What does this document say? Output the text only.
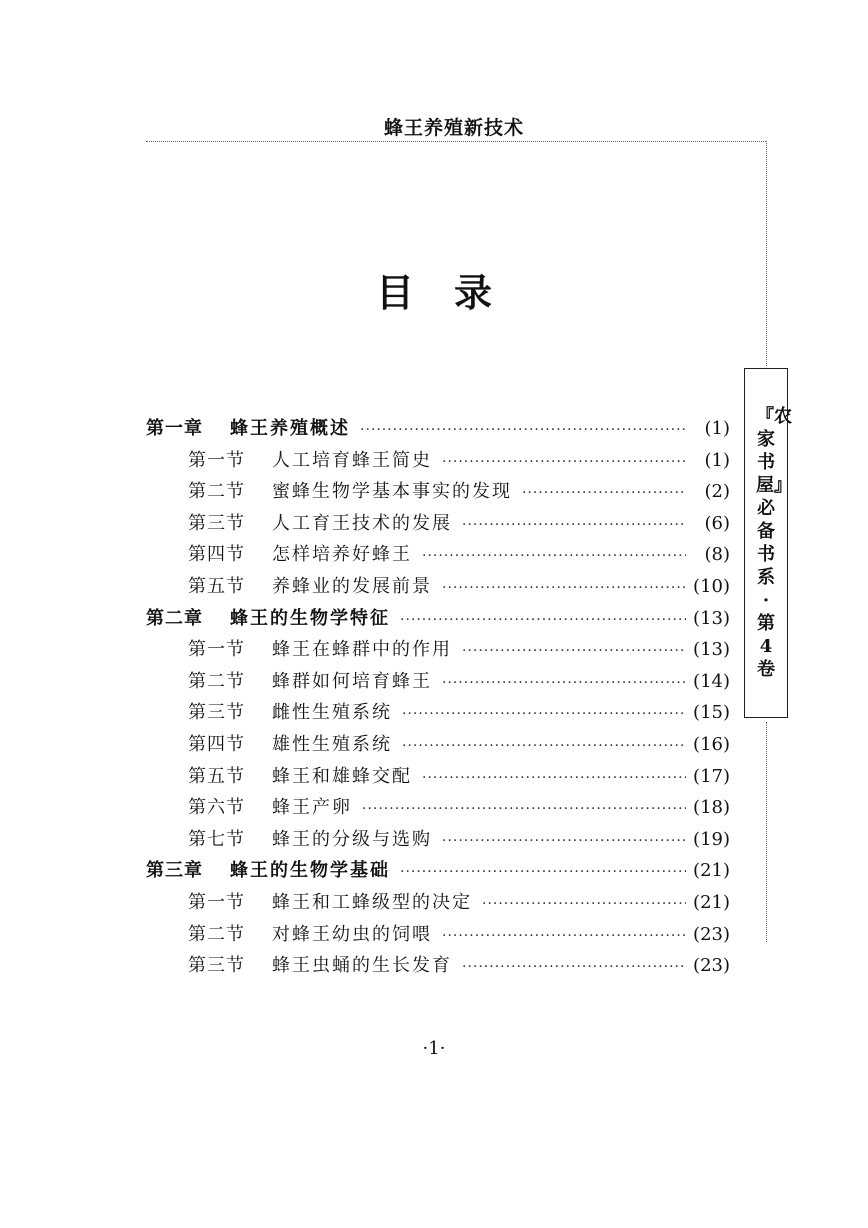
蜂王养殖新技术
『农家书屋』必备书系·第4卷
目录
第一章	蜂王养殖概述 ·····	(1)
第一节	人工培育蜂王简史 ·····	(1)
第二节	蜜蜂生物学基本事实的发现 ·····	(2)
第三节	人工育王技术的发展 ·····	(6)
第四节	怎样培养好蜂王 ·····	(8)
第五节	养蜂业的发展前景 ·····	(10)
第二章	蜂王的生物学特征 ·····	(13)
第一节	蜂王在蜂群中的作用 ·····	(13)
第二节	蜂群如何培育蜂王 ·····	(14)
第三节	雌性生殖系统 ·····	(15)
第四节	雄性生殖系统 ·····	(16)
第五节	蜂王和雄蜂交配 ·····	(17)
第六节	蜂王产卵 ·····	(18)
第七节	蜂王的分级与选购 ·····	(19)
第三章	蜂王的生物学基础 ·····	(21)
第一节	蜂王和工蜂级型的决定 ·····	(21)
第二节	对蜂王幼虫的饲喂 ·····	(23)
第三节	蜂王虫蛹的生长发育 ·····	(23)
·1·
